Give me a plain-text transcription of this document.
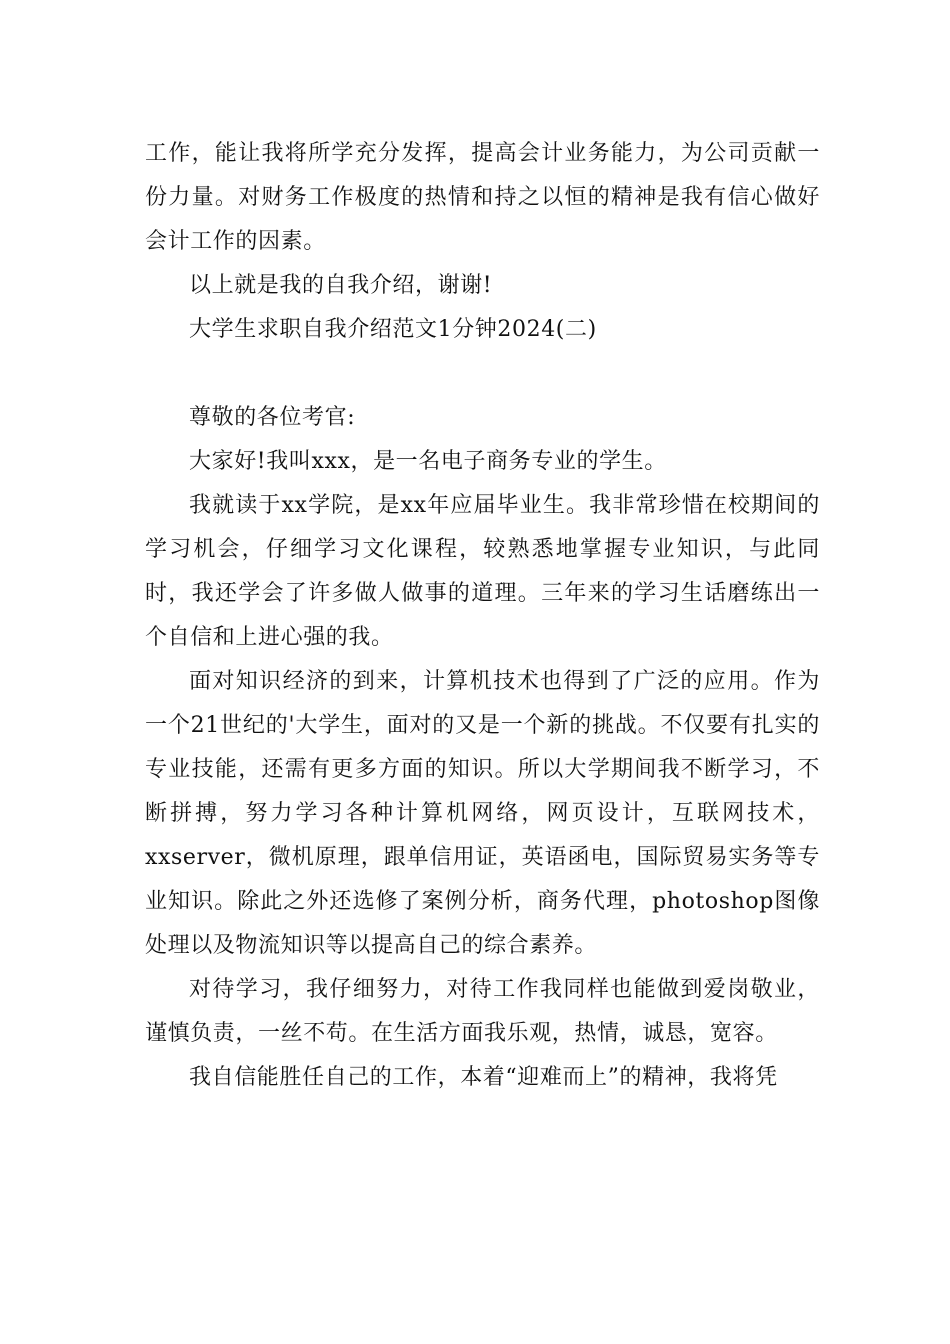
工作，能让我将所学充分发挥，提高会计业务能力，为公司贡献一份力量。对财务工作极度的热情和持之以恒的精神是我有信心做好会计工作的因素。

以上就是我的自我介绍，谢谢!

大学生求职自我介绍范文1分钟2024(二)

尊敬的各位考官:

大家好!我叫xxx，是一名电子商务专业的学生。

我就读于xx学院，是xx年应届毕业生。我非常珍惜在校期间的学习机会，仔细学习文化课程，较熟悉地掌握专业知识，与此同时，我还学会了许多做人做事的道理。三年来的学习生话磨练出一个自信和上进心强的我。

面对知识经济的到来，计算机技术也得到了广泛的应用。作为一个21世纪的'大学生，面对的又是一个新的挑战。不仅要有扎实的专业技能，还需有更多方面的知识。所以大学期间我不断学习，不断拼搏，努力学习各种计算机网络，网页设计，互联网技术，xxserver，微机原理，跟单信用证，英语函电，国际贸易实务等专业知识。除此之外还选修了案例分析，商务代理，photoshop图像处理以及物流知识等以提高自己的综合素养。

对待学习，我仔细努力，对待工作我同样也能做到爱岗敬业，谨慎负责，一丝不苟。在生活方面我乐观，热情，诚恳，宽容。

我自信能胜任自己的工作，本着“迎难而上”的精神，我将凭
